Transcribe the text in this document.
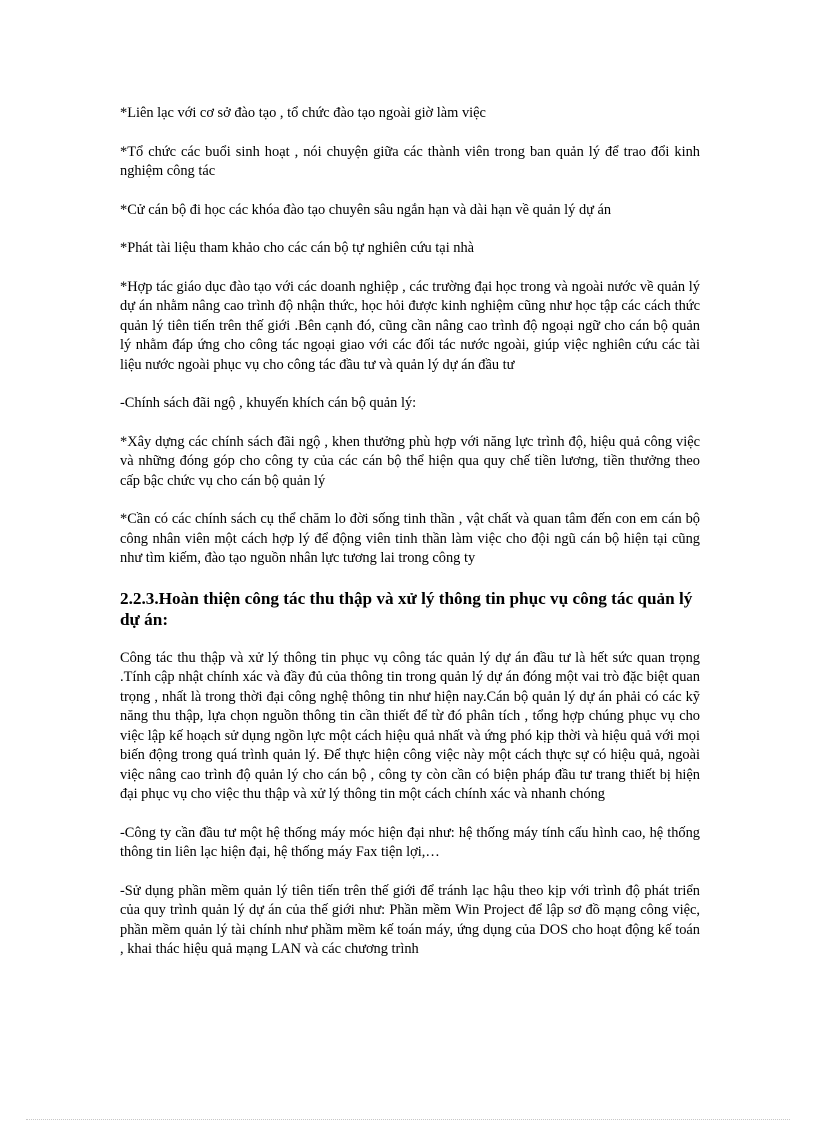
*Liên lạc với cơ sở đào tạo , tổ chức đào tạo ngoài giờ làm việc

*Tổ chức các buổi sinh hoạt , nói chuyện giữa các thành viên trong ban quản lý để trao đổi kinh nghiệm công tác

*Cử cán bộ đi học các khóa đào tạo chuyên sâu ngắn hạn và dài hạn về quản lý dự án

*Phát tài liệu tham khảo cho các cán bộ tự nghiên cứu tại nhà

*Hợp tác giáo dục đào tạo với các doanh nghiệp , các trường đại học trong và ngoài nước về quản lý dự án nhằm nâng cao trình độ nhận thức, học hỏi được kinh nghiệm cũng như học tập các cách thức quản lý tiên tiến trên thế giới .Bên cạnh đó, cũng cần nâng cao trình độ ngoại ngữ cho cán bộ quản lý nhằm đáp ứng cho công tác ngoại giao với các đối tác nước ngoài, giúp việc nghiên cứu các tài liệu nước ngoài phục vụ cho công tác đầu tư và quản lý dự án đầu tư

-Chính sách đãi ngộ , khuyến khích cán bộ quản lý:

*Xây dựng các chính sách đãi ngộ , khen thưởng phù hợp với năng lực trình độ, hiệu quả công việc và những đóng góp cho công ty của các cán bộ thể hiện qua quy chế tiền lương, tiền thưởng theo cấp bậc chức vụ cho cán bộ quản lý

*Cần có các chính sách cụ thể chăm lo đời sống tinh thần , vật chất và quan tâm đến con em cán bộ công nhân viên một cách hợp lý để động viên tinh thần làm việc cho đội ngũ cán bộ hiện tại cũng như tìm kiếm, đào tạo nguồn nhân lực tương lai trong công ty

2.2.3.Hoàn thiện công tác thu thập và xử lý thông tin phục vụ công tác quản lý dự án:

Công tác thu thập và xử lý thông tin phục vụ công tác quản lý dự án đầu tư là hết sức quan trọng .Tính cập nhật chính xác và đầy đủ của thông tin trong quản lý dự án đóng một vai trò đặc biệt quan trọng , nhất là trong thời đại công nghệ thông tin như hiện nay.Cán bộ quản lý dự án phải có các kỹ năng thu thập, lựa chọn nguồn thông tin cần thiết để từ đó phân tích , tổng hợp chúng phục vụ cho việc lập kế hoạch sử dụng ngồn lực một cách hiệu quả nhất và ứng phó kịp thời và hiệu quả với mọi biến động trong quá trình quản lý. Để thực hiện công việc này một cách thực sự có hiệu quả, ngoài việc nâng cao trình độ quản lý cho cán bộ , công ty còn cần có biện pháp đầu tư trang thiết bị hiện đại phục vụ cho việc thu thập và xử lý thông tin một cách chính xác và nhanh chóng

-Công ty cần đầu tư một hệ thống máy móc hiện đại như: hệ thống máy tính cấu hình cao, hệ thống thông tin liên lạc hiện đại, hệ thống máy Fax tiện lợi,…

-Sử dụng phần mềm quản lý tiên tiến trên thế giới để tránh lạc hậu theo kịp với trình độ phát triển của quy trình quản lý dự án của thế giới như: Phần mềm Win Project để lập sơ đồ mạng công việc, phần mềm quản lý tài chính như phầm mềm kế toán máy, ứng dụng của DOS cho hoạt động kế toán , khai thác hiệu quả mạng LAN và các chương trình
